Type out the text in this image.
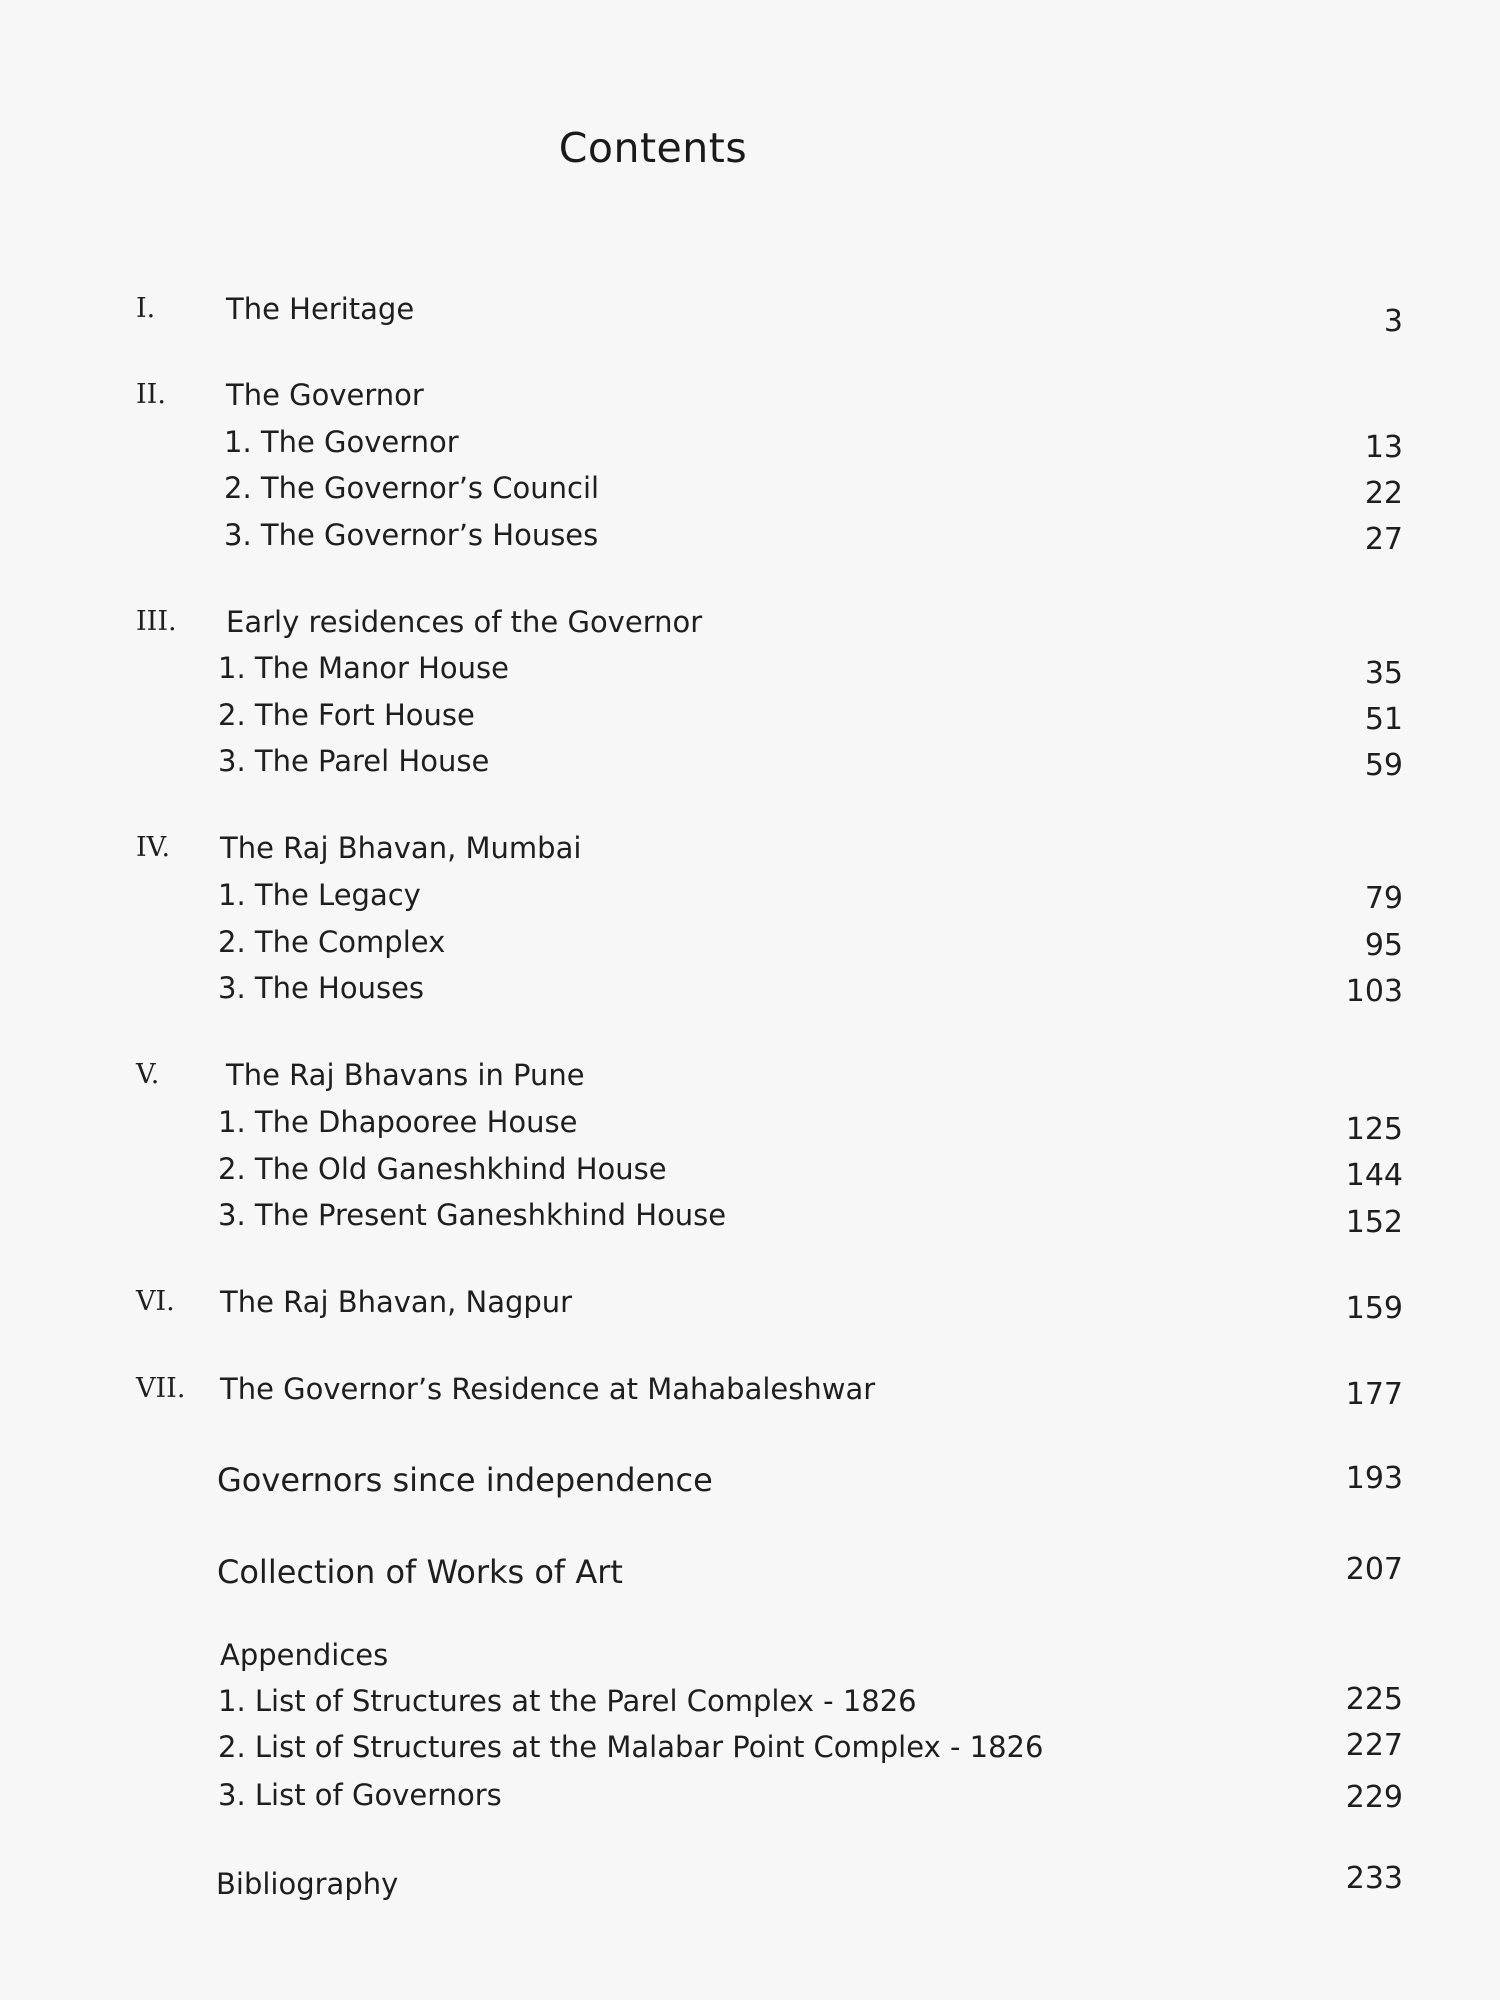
Contents
I. The Heritage	3
II. The Governor
1. The Governor	13
2. The Governor’s Council	22
3. The Governor’s Houses	27
III. Early residences of the Governor
1. The Manor House	35
2. The Fort House	51
3. The Parel House	59
IV. The Raj Bhavan, Mumbai
1. The Legacy	79
2. The Complex	95
3. The Houses	103
V. The Raj Bhavans in Pune
1. The Dhapooree House	125
2. The Old Ganeshkhind House	144
3. The Present Ganeshkhind House	152
VI. The Raj Bhavan, Nagpur	159
VII. The Governor’s Residence at Mahabaleshwar	177
Governors since independence	193
Collection of Works of Art	207
Appendices
1. List of Structures at the Parel Complex - 1826	225
2. List of Structures at the Malabar Point Complex - 1826	227
3. List of Governors	229
Bibliography	233
